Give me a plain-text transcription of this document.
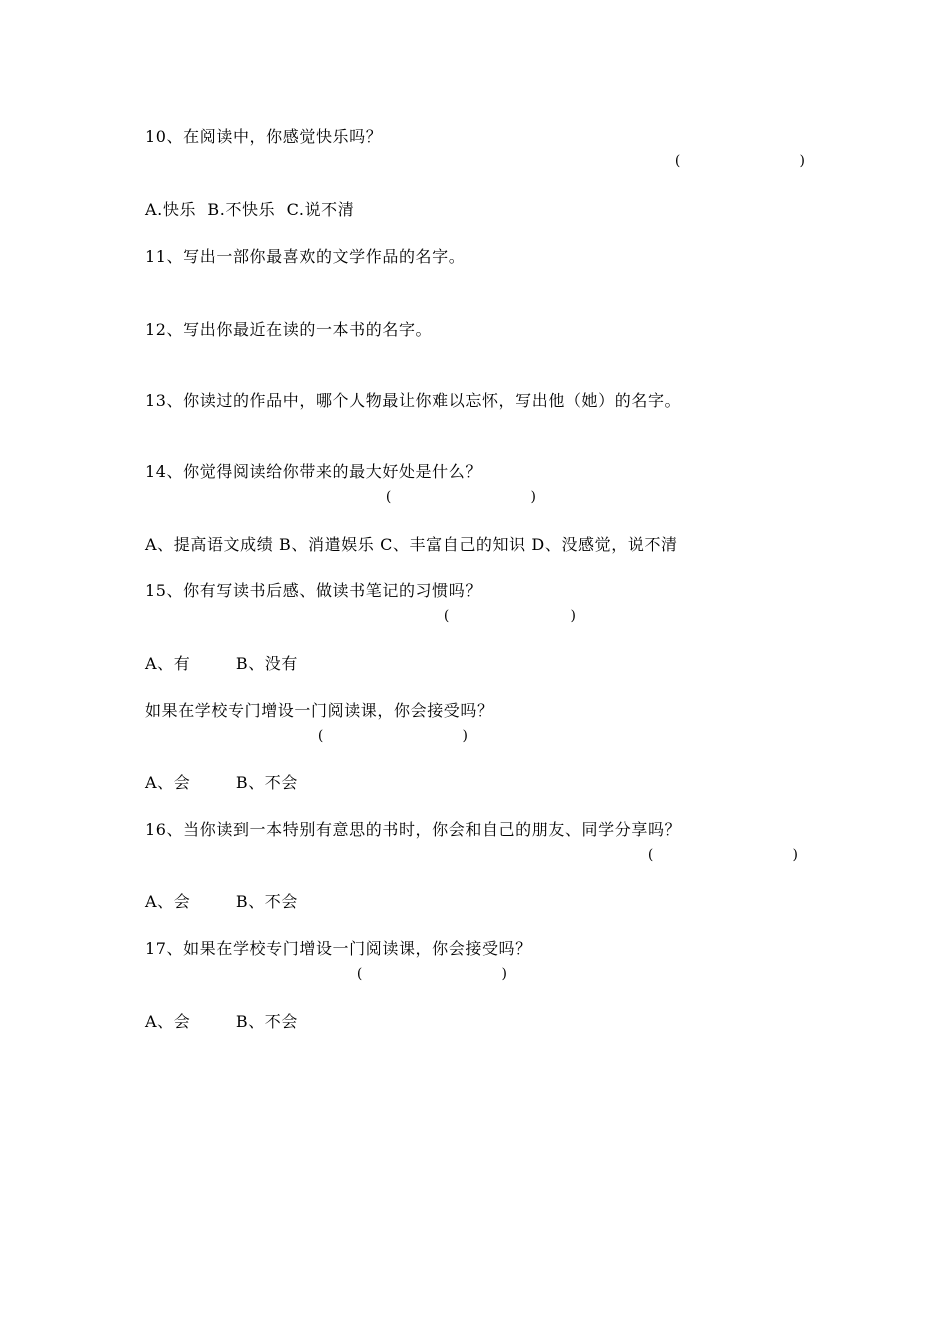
10、在阅读中，你感觉快乐吗？

(

	)

A.快乐  B.不快乐  C.说不清
11、写出一部你最喜欢的文学作品的名字。
12、写出你最近在读的一本书的名字。
13、你读过的作品中，哪个人物最让你难以忘怀，写出他（她）的名字。
14、你觉得阅读给你带来的最大好处是什么？

(

	)

A、提高语文成绩 B、消遣娱乐 C、丰富自己的知识 D、没感觉，说不清
15、你有写读书后感、做读书笔记的习惯吗？

(

	)

A、有        B、没有
如果在学校专门增设一门阅读课，你会接受吗？

(

	)

A、会        B、不会
16、当你读到一本特别有意思的书时，你会和自己的朋友、同学分享吗？

(

	)

A、会        B、不会
17、如果在学校专门增设一门阅读课，你会接受吗？

(

	)

A、会        B、不会
